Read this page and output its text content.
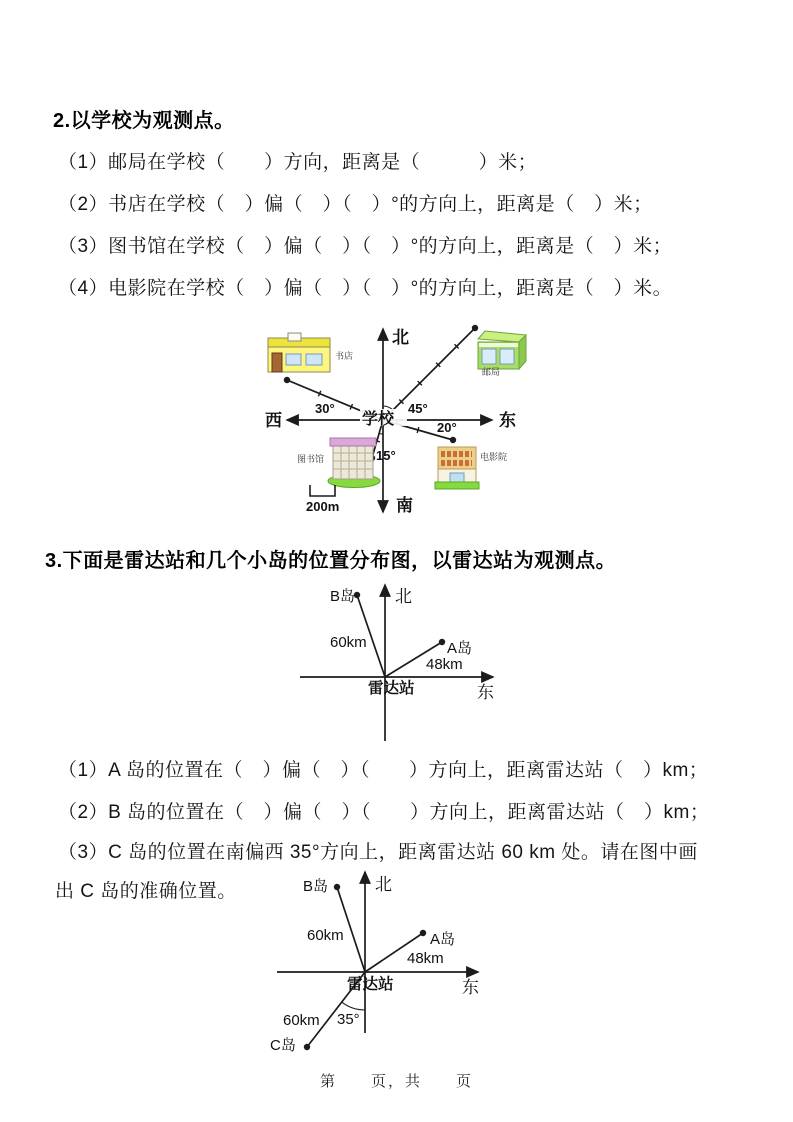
2.以学校为观测点。
（1）邮局在学校（　　）方向，距离是（　　　）米；
（2）书店在学校（　）偏（　）（　）°的方向上，距离是（　）米；
（3）图书馆在学校（　）偏（　）（　）°的方向上，距离是（　）米；
（4）电影院在学校（　）偏（　）（　）°的方向上，距离是（　）米。
学校
北
南
西	东
30°	45°
20°
15°
书店
邮局
图书馆	电影院
200m
3.下面是雷达站和几个小岛的位置分布图，以雷达站为观测点。
北
东
雷达站
B岛
60km	A岛
48km
（1）A 岛的位置在（　）偏（　）（　　）方向上，距离雷达站（　）km；
（2）B 岛的位置在（　）偏（　）（　　）方向上，距离雷达站（　）km；
（3）C 岛的位置在南偏西 35°方向上，距离雷达站 60 km 处。请在图中画
出 C 岛的准确位置。	北
东
雷达站
B岛
60km	A岛
48km
60km 35°
C岛
第　　页，共　　页
